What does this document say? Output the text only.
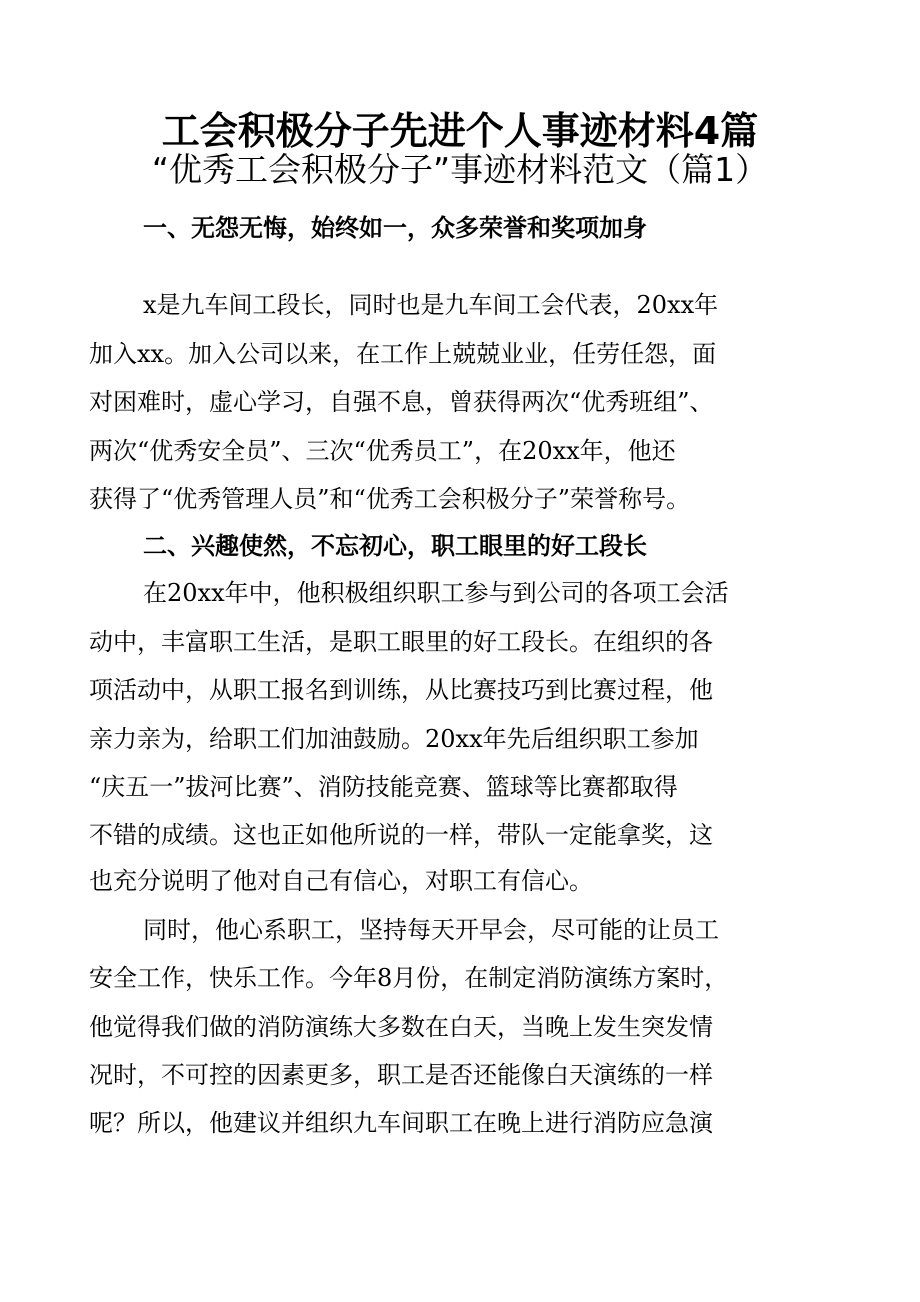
工会积极分子先进个人事迹材料4篇
“优秀工会积极分子”事迹材料范文（篇1）
一、无怨无悔，始终如一，众多荣誉和奖项加身

x是九车间工段长，同时也是九车间工会代表，20xx年

加入xx。加入公司以来，在工作上兢兢业业，任劳任怨，面

对困难时，虚心学习，自强不息，曾获得两次“优秀班组”、

两次“优秀安全员”、三次“优秀员工”，在20xx年，他还

获得了“优秀管理人员”和“优秀工会积极分子”荣誉称号。

二、兴趣使然，不忘初心，职工眼里的好工段长

在20xx年中，他积极组织职工参与到公司的各项工会活

动中，丰富职工生活，是职工眼里的好工段长。在组织的各

项活动中，从职工报名到训练，从比赛技巧到比赛过程，他

亲力亲为，给职工们加油鼓励。20xx年先后组织职工参加

“庆五一”拔河比赛”、消防技能竞赛、篮球等比赛都取得

不错的成绩。这也正如他所说的一样，带队一定能拿奖，这

也充分说明了他对自己有信心，对职工有信心。

同时，他心系职工，坚持每天开早会，尽可能的让员工

安全工作，快乐工作。今年8月份，在制定消防演练方案时，

他觉得我们做的消防演练大多数在白天，当晚上发生突发情

况时，不可控的因素更多，职工是否还能像白天演练的一样

呢？所以，他建议并组织九车间职工在晚上进行消防应急演
